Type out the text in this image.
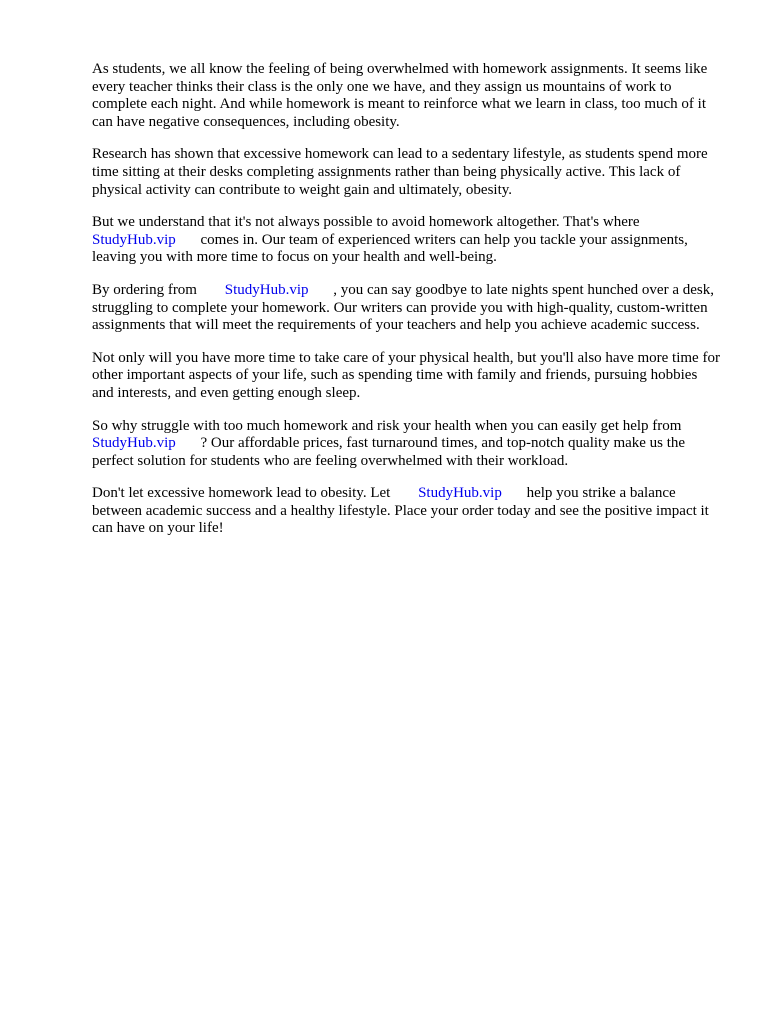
As students, we all know the feeling of being overwhelmed with homework assignments. It seems like every teacher thinks their class is the only one we have, and they assign us mountains of work to complete each night. And while homework is meant to reinforce what we learn in class, too much of it can have negative consequences, including obesity.

Research has shown that excessive homework can lead to a sedentary lifestyle, as students spend more time sitting at their desks completing assignments rather than being physically active. This lack of physical activity can contribute to weight gain and ultimately, obesity.

But we understand that it's not always possible to avoid homework altogether. That's where StudyHub.vip comes in. Our team of experienced writers can help you tackle your assignments, leaving you with more time to focus on your health and well-being.

By ordering from StudyHub.vip , you can say goodbye to late nights spent hunched over a desk, struggling to complete your homework. Our writers can provide you with high-quality, custom-written assignments that will meet the requirements of your teachers and help you achieve academic success.

Not only will you have more time to take care of your physical health, but you'll also have more time for other important aspects of your life, such as spending time with family and friends, pursuing hobbies and interests, and even getting enough sleep.

So why struggle with too much homework and risk your health when you can easily get help from StudyHub.vip ? Our affordable prices, fast turnaround times, and top-notch quality make us the perfect solution for students who are feeling overwhelmed with their workload.

Don't let excessive homework lead to obesity. Let StudyHub.vip help you strike a balance between academic success and a healthy lifestyle. Place your order today and see the positive impact it can have on your life!
